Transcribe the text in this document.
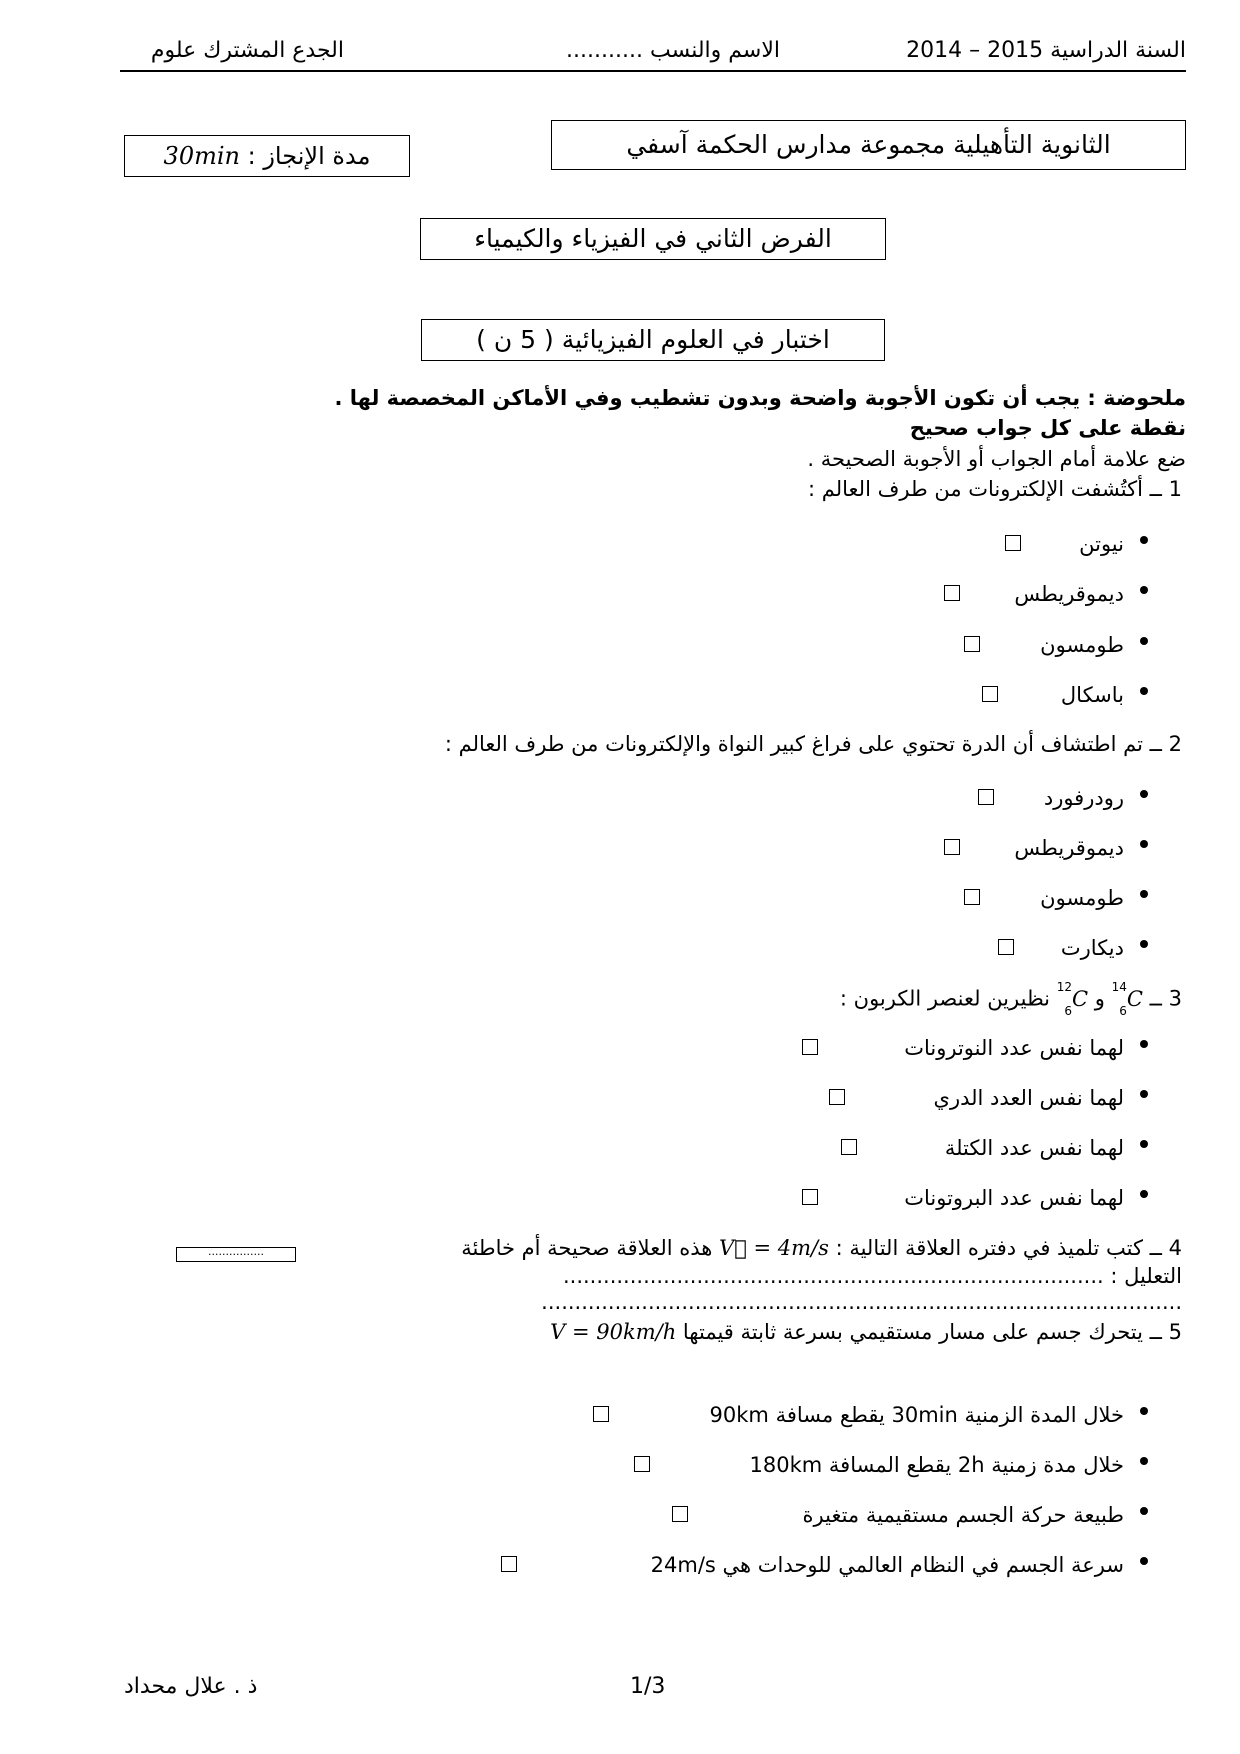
السنة الدراسية 2015 – 2014
الاسم والنسب ...........
الجدع المشترك علوم
الثانوية التأهيلية مجموعة مدارس الحكمة آسفي
30min مدة الإنجاز :
الفرض الثاني في الفيزياء والكيمياء
اختبار في العلوم الفيزيائية ( 5 ن )
ملحوضة : يجب أن تكون الأجوبة واضحة وبدون تشطيب وفي الأماكن المخصصة لها .
نقطة على كل جواب صحيح
ضع علامة أمام الجواب أو الأجوبة الصحيحة .
1 ــ أكتُشفت الإلكترونات من طرف العالم :
نيوتن
ديموقريطس
طومسون
باسكال
2 ــ تم اطتشاف أن الدرة تحتوي على فراغ كبير النواة والإلكترونات من طرف العالم :
رودرفورد
ديموقريطس
طومسون
ديكارت
3 ــ $^{14}$
$_6$C و $^{12}$
$_6$C نظيرين لعنصر الكربون :
لهما نفس عدد النوترونات
لهما نفس العدد الدري
لهما نفس عدد الكتلة
لهما نفس عدد البروتونات
4 ــ كتب تلميذ في دفتره العلاقة التالية : V⃗ = 4m/s هذه العلاقة صحيحة أم خاطئة
................
التعليل : .................................................................................
................................................................................................
5 ــ يتحرك جسم على مسار مستقيمي بسرعة ثابتة قيمتها V = 90km/h
خلال المدة الزمنية 30min يقطع مسافة 90km
خلال مدة زمنية 2h يقطع المسافة 180km
طبيعة حركة الجسم مستقيمية متغيرة
سرعة الجسم في النظام العالمي للوحدات هي 24m/s
ذ . علال محداد	1/3
